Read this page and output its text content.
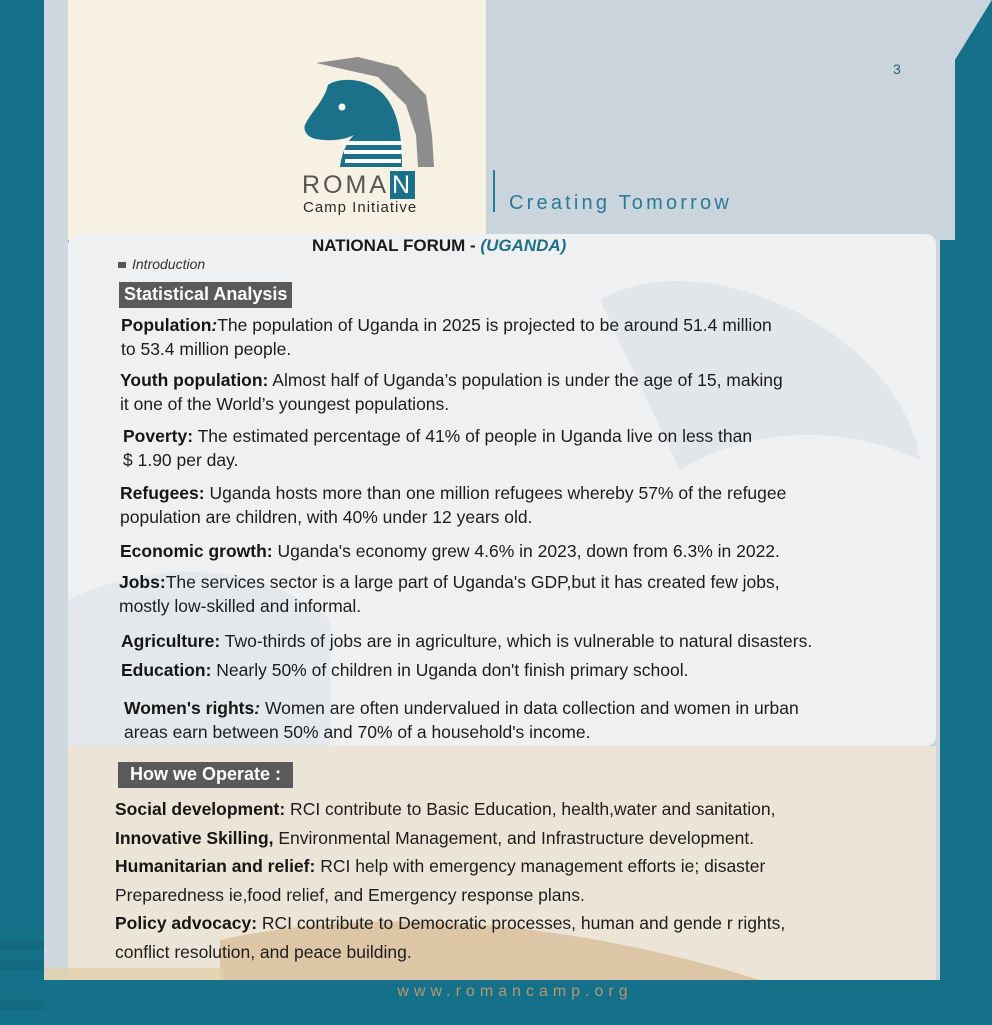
ROMA N
Camp Initiative	Creating Tomorrow
3
NATIONAL FORUM - (UGANDA)
Introduction
Statistical Analysis
Population:The population of Uganda in 2025 is projected to be around 51.4 million
to 53.4 million people.
Youth population: Almost half of Uganda’s population is under the age of 15, making
it one of the World’s youngest populations.
Poverty: The estimated percentage of 41% of people in Uganda live on less than
$ 1.90 per day.
Refugees: Uganda hosts more than one million refugees whereby 57% of the refugee
population are children, with 40% under 12 years old.
Economic growth: Uganda's economy grew 4.6% in 2023, down from 6.3% in 2022.
Jobs:The services sector is a large part of Uganda's GDP,but it has created few jobs,
mostly low-skilled and informal.
Agriculture: Two-thirds of jobs are in agriculture, which is vulnerable to natural disasters.
Education: Nearly 50% of children in Uganda don't finish primary school.
Women's rights: Women are often undervalued in data collection and women in urban
areas earn between 50% and 70% of a household's income.
How we Operate :
Social development: RCI contribute to Basic Education, health,water and sanitation,
Innovative Skilling, Environmental Management, and Infrastructure development.
Humanitarian and relief: RCI help with emergency management efforts ie; disaster
Preparedness ie,food relief, and Emergency response plans.
Policy advocacy: RCI contribute to Democratic processes, human and gende r rights,
conflict resolution, and peace building.
www.romancamp.org
